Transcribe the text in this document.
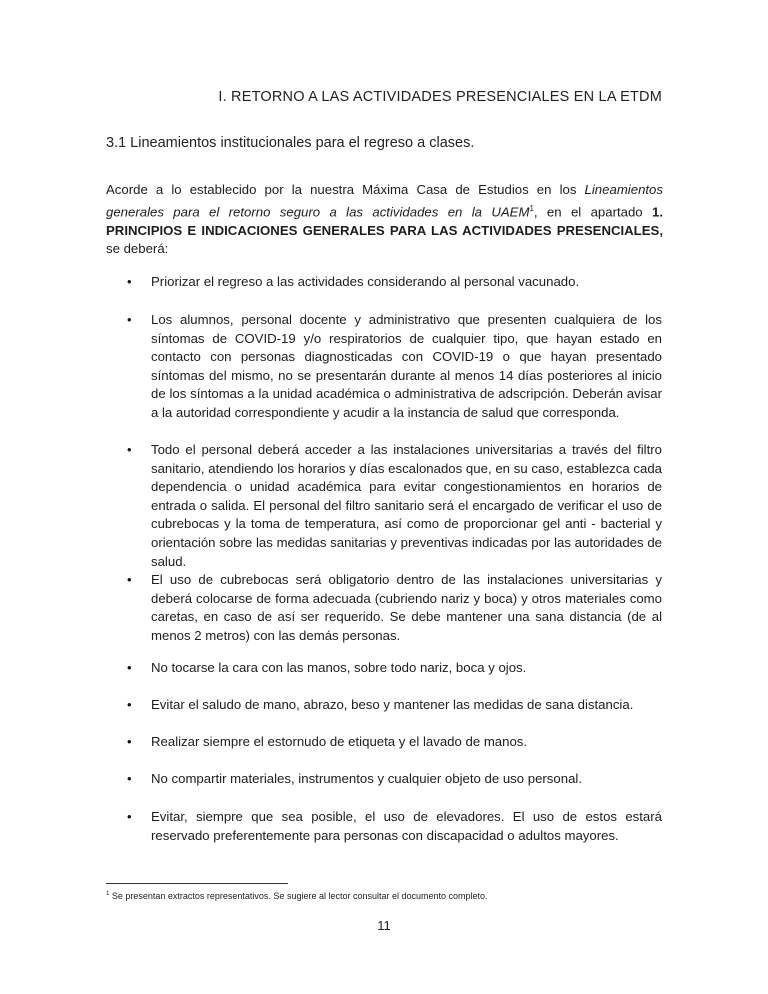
I. RETORNO A LAS ACTIVIDADES PRESENCIALES EN LA ETDM
3.1 Lineamientos institucionales para el regreso a clases.
Acorde a lo establecido por la nuestra Máxima Casa de Estudios en los Lineamientos generales para el retorno seguro a las actividades en la UAEM$^1$, en el apartado 1. PRINCIPIOS E INDICACIONES GENERALES PARA LAS ACTIVIDADES PRESENCIALES, se deberá:
• Priorizar el regreso a las actividades considerando al personal vacunado.
• Los alumnos, personal docente y administrativo que presenten cualquiera de los síntomas de COVID-19 y/o respiratorios de cualquier tipo, que hayan estado en contacto con personas diagnosticadas con COVID-19 o que hayan presentado síntomas del mismo, no se presentarán durante al menos 14 días posteriores al inicio de los síntomas a la unidad académica o administrativa de adscripción. Deberán avisar a la autoridad correspondiente y acudir a la instancia de salud que corresponda.
• Todo el personal deberá acceder a las instalaciones universitarias a través del filtro sanitario, atendiendo los horarios y días escalonados que, en su caso, establezca cada dependencia o unidad académica para evitar congestionamientos en horarios de entrada o salida. El personal del filtro sanitario será el encargado de verificar el uso de cubrebocas y la toma de temperatura, así como de proporcionar gel anti - bacterial y orientación sobre las medidas sanitarias y preventivas indicadas por las autoridades de salud.
• El uso de cubrebocas será obligatorio dentro de las instalaciones universitarias y deberá colocarse de forma adecuada (cubriendo nariz y boca) y otros materiales como caretas, en caso de así ser requerido. Se debe mantener una sana distancia (de al menos 2 metros) con las demás personas.
• No tocarse la cara con las manos, sobre todo nariz, boca y ojos.
• Evitar el saludo de mano, abrazo, beso y mantener las medidas de sana distancia.
• Realizar siempre el estornudo de etiqueta y el lavado de manos.
• No compartir materiales, instrumentos y cualquier objeto de uso personal.
• Evitar, siempre que sea posible, el uso de elevadores. El uso de estos estará reservado preferentemente para personas con discapacidad o adultos mayores.
$^1$ Se presentan extractos representativos. Se sugiere al lector consultar el documento completo.
11
